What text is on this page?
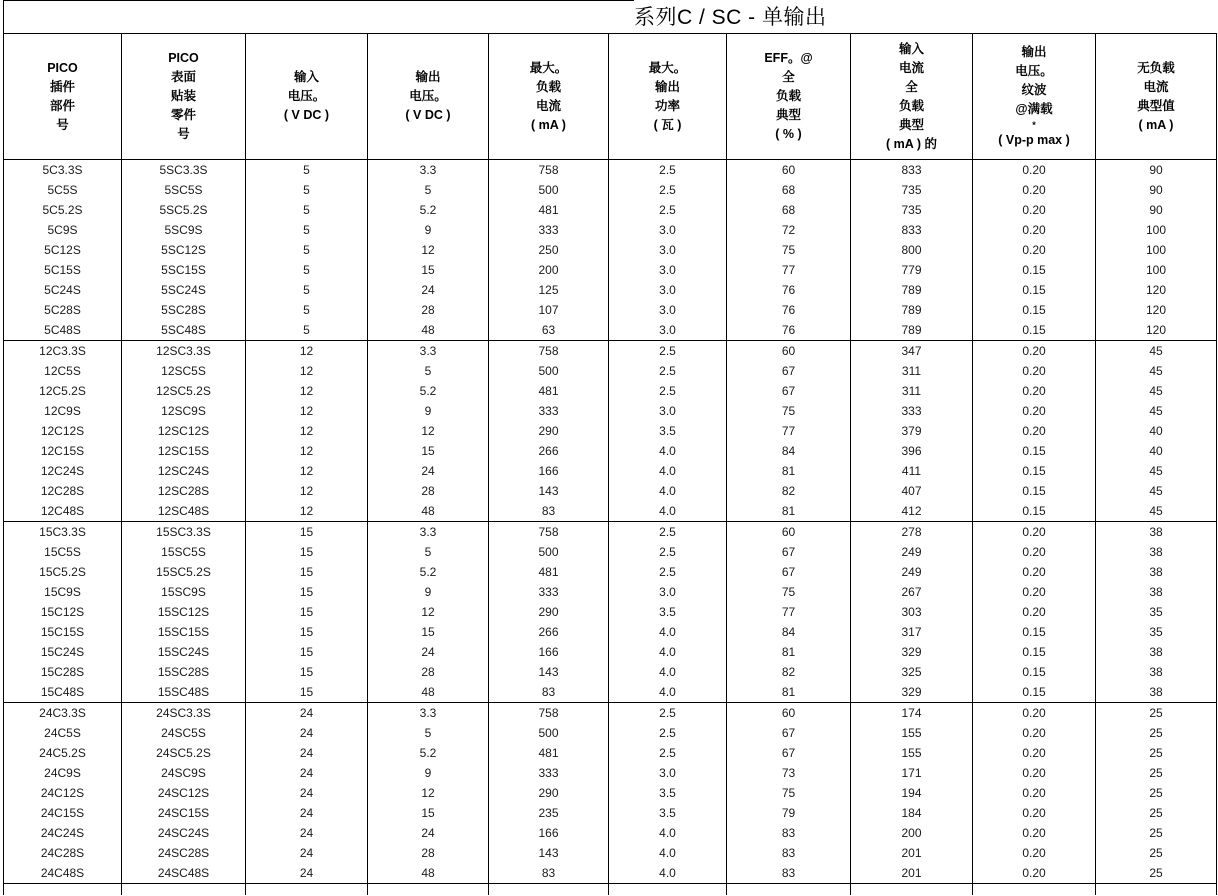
系列C / SC - 单输出
PICO
插件
部件
号

PICO
表面
贴装
零件
号

输入
电压。
( V DC )

输出
电压。
( V DC )

最大。
负载
电流
( mA )

最大。
输出
功率
( 瓦 )

EFF。@
全
负载
典型
( % )

输入
电流
全
负载
典型
( mA ) 的

输出
电压。
纹波
@满载
*
( Vp-p max )

无负载
电流
典型值
( mA )

5C3.3S	5SC3.3S	5	3.3	758	2.5	60	833	0.20	90
5C5S	5SC5S	5	5	500	2.5	68	735	0.20	90
5C5.2S	5SC5.2S	5	5.2	481	2.5	68	735	0.20	90
5C9S	5SC9S	5	9	333	3.0	72	833	0.20	100
5C12S	5SC12S	5	12	250	3.0	75	800	0.20	100
5C15S	5SC15S	5	15	200	3.0	77	779	0.15	100
5C24S	5SC24S	5	24	125	3.0	76	789	0.15	120
5C28S	5SC28S	5	28	107	3.0	76	789	0.15	120
5C48S	5SC48S	5	48	63	3.0	76	789	0.15	120
12C3.3S	12SC3.3S	12	3.3	758	2.5	60	347	0.20	45
12C5S	12SC5S	12	5	500	2.5	67	311	0.20	45
12C5.2S	12SC5.2S	12	5.2	481	2.5	67	311	0.20	45
12C9S	12SC9S	12	9	333	3.0	75	333	0.20	45
12C12S	12SC12S	12	12	290	3.5	77	379	0.20	40
12C15S	12SC15S	12	15	266	4.0	84	396	0.15	40
12C24S	12SC24S	12	24	166	4.0	81	411	0.15	45
12C28S	12SC28S	12	28	143	4.0	82	407	0.15	45
12C48S	12SC48S	12	48	83	4.0	81	412	0.15	45
15C3.3S	15SC3.3S	15	3.3	758	2.5	60	278	0.20	38
15C5S	15SC5S	15	5	500	2.5	67	249	0.20	38
15C5.2S	15SC5.2S	15	5.2	481	2.5	67	249	0.20	38
15C9S	15SC9S	15	9	333	3.0	75	267	0.20	38
15C12S	15SC12S	15	12	290	3.5	77	303	0.20	35
15C15S	15SC15S	15	15	266	4.0	84	317	0.15	35
15C24S	15SC24S	15	24	166	4.0	81	329	0.15	38
15C28S	15SC28S	15	28	143	4.0	82	325	0.15	38
15C48S	15SC48S	15	48	83	4.0	81	329	0.15	38
24C3.3S	24SC3.3S	24	3.3	758	2.5	60	174	0.20	25
24C5S	24SC5S	24	5	500	2.5	67	155	0.20	25
24C5.2S	24SC5.2S	24	5.2	481	2.5	67	155	0.20	25
24C9S	24SC9S	24	9	333	3.0	73	171	0.20	25
24C12S	24SC12S	24	12	290	3.5	75	194	0.20	25
24C15S	24SC15S	24	15	235	3.5	79	184	0.20	25
24C24S	24SC24S	24	24	166	4.0	83	200	0.20	25
24C28S	24SC28S	24	28	143	4.0	83	201	0.20	25
24C48S	24SC48S	24	48	83	4.0	83	201	0.20	25
